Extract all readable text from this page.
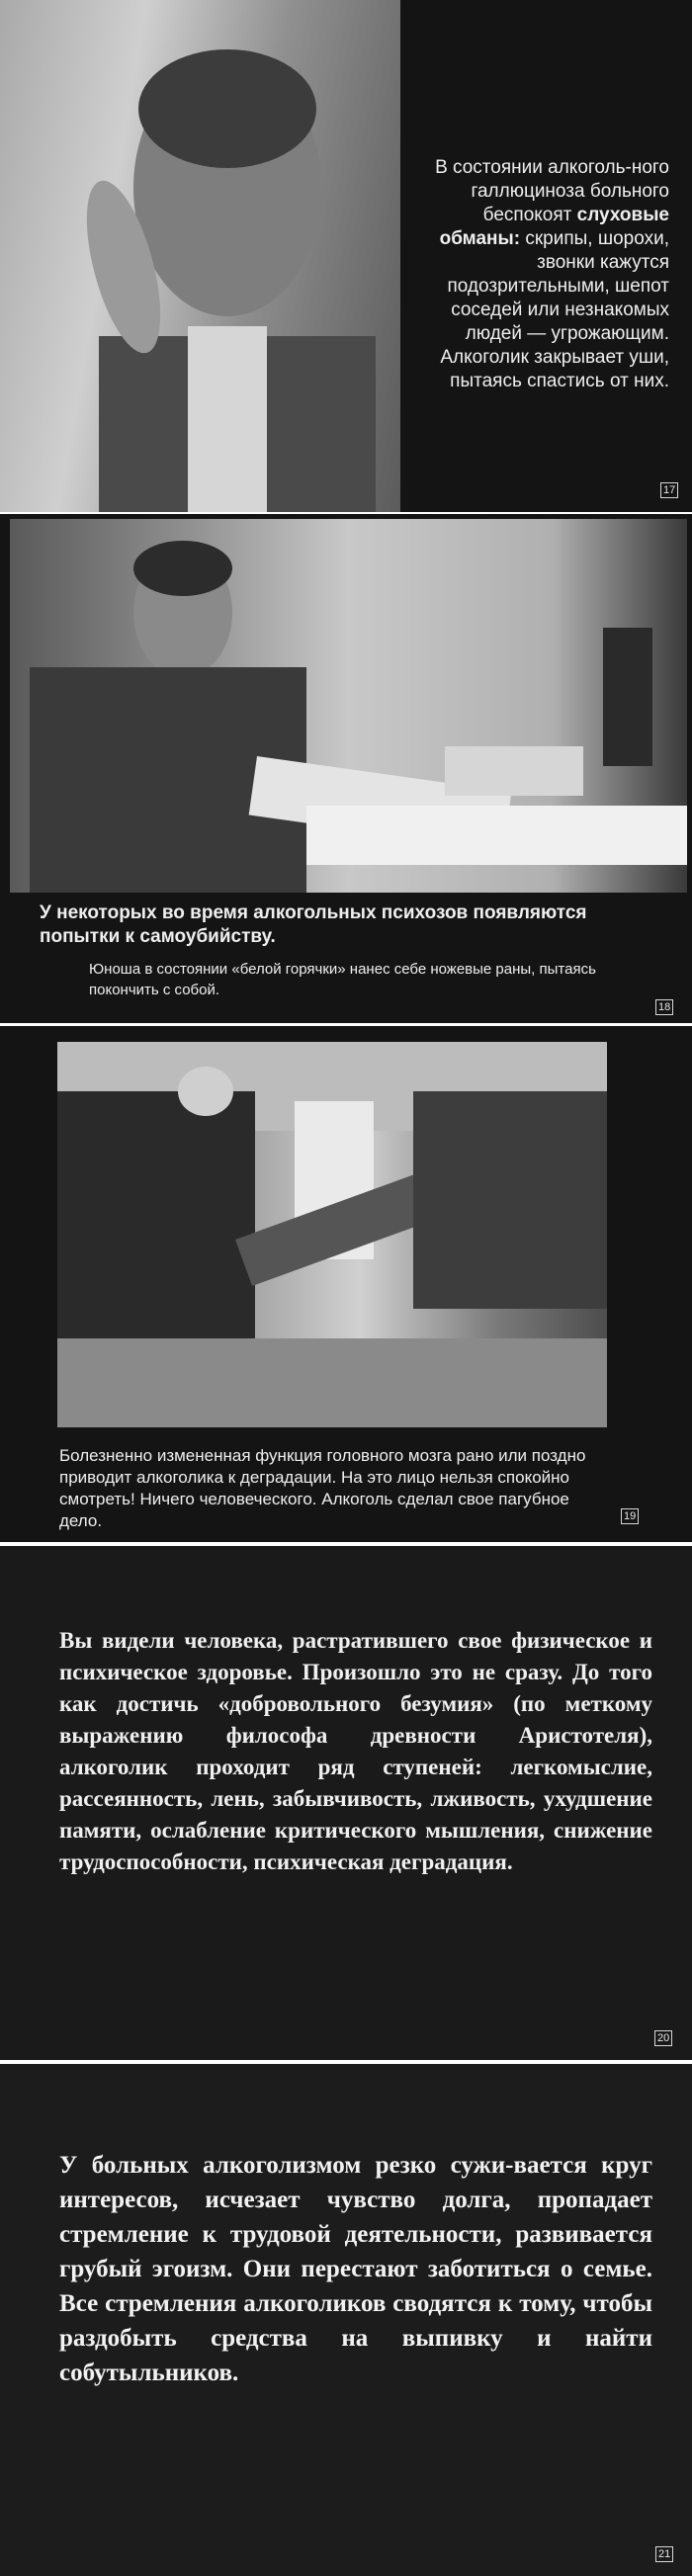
В состоянии алкоголь-ного галлюциноза больного беспокоят слуховые обманы: скрипы, шорохи, звонки кажутся подозрительными, шепот соседей или незнакомых людей — угрожающим. Алкоголик закрывает уши, пытаясь спастись от них.
17
У некоторых во время алкогольных психозов появляются попытки к самоубийству.
Юноша в состоянии «белой горячки» нанес себе ножевые раны, пытаясь покончить с собой.
18
Болезненно измененная функция головного мозга рано или поздно приводит алкоголика к деградации. На это лицо нельзя спокойно смотреть! Ничего человеческого. Алкоголь сделал свое пагубное дело.	19
Вы видели человека, растратившего свое физическое и психическое здоровье. Произошло это не сразу. До того как достичь «добровольного безумия» (по меткому выражению философа древности Аристотеля), алкоголик проходит ряд ступеней: легкомыслие, рассеянность, лень, забывчивость, лживость, ухудшение памяти, ослабление критического мышления, снижение трудоспособности, психическая деградация.
20
У больных алкоголизмом резко сужи-вается круг интересов, исчезает чувство долга, пропадает стремление к трудовой деятельности, развивается грубый эгоизм. Они перестают заботиться о семье. Все стремления алкоголиков сводятся к тому, чтобы раздобыть средства на выпивку и найти собутыльников.
21
